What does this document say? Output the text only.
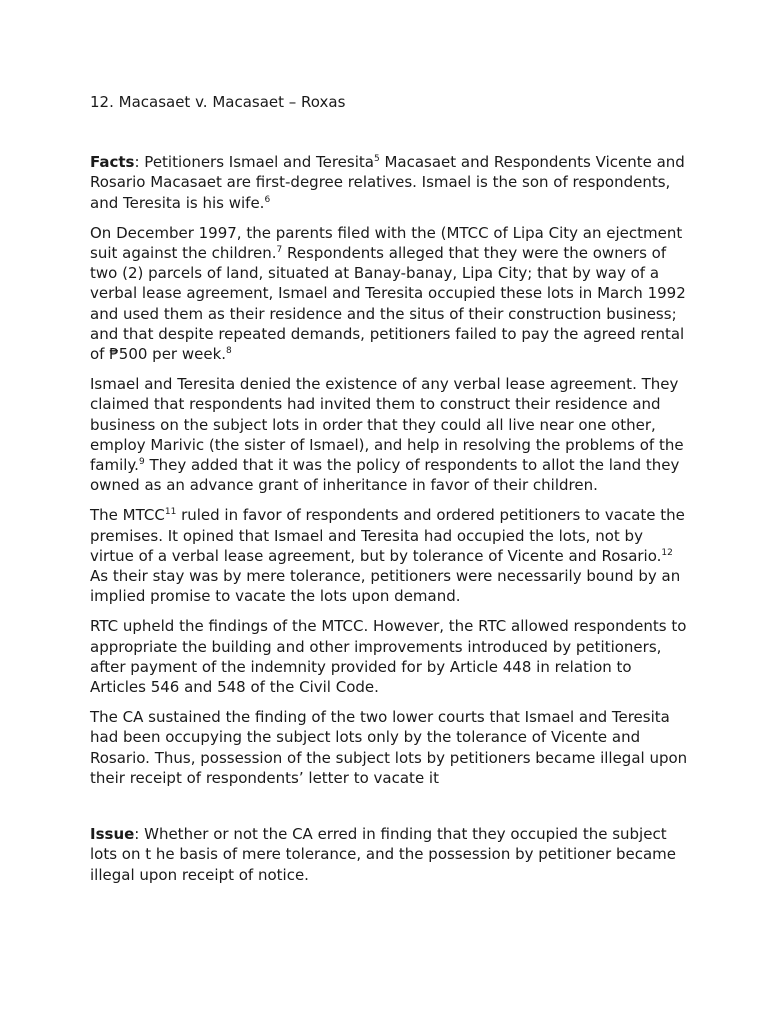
12. Macasaet v. Macasaet – Roxas

Facts: Petitioners Ismael and Teresita$^5$ Macasaet and Respondents Vicente and Rosario Macasaet are first-degree relatives. Ismael is the son of respondents, and Teresita is his wife.$^6$

On December 1997, the parents filed with the (MTCC of Lipa City an ejectment suit against the children.$^7$ Respondents alleged that they were the owners of two (2) parcels of land, situated at Banay-banay, Lipa City; that by way of a verbal lease agreement, Ismael and Teresita occupied these lots in March 1992 and used them as their residence and the situs of their construction business; and that despite repeated demands, petitioners failed to pay the agreed rental of ₱500 per week.$^8$

Ismael and Teresita denied the existence of any verbal lease agreement. They claimed that respondents had invited them to construct their residence and business on the subject lots in order that they could all live near one other, employ Marivic (the sister of Ismael), and help in resolving the problems of the family.$^9$ They added that it was the policy of respondents to allot the land they owned as an advance grant of inheritance in favor of their children.

The MTCC$^{11}$ ruled in favor of respondents and ordered petitioners to vacate the premises. It opined that Ismael and Teresita had occupied the lots, not by virtue of a verbal lease agreement, but by tolerance of Vicente and Rosario.$^{12}$ As their stay was by mere tolerance, petitioners were necessarily bound by an implied promise to vacate the lots upon demand.

RTC upheld the findings of the MTCC. However, the RTC allowed respondents to appropriate the building and other improvements introduced by petitioners, after payment of the indemnity provided for by Article 448 in relation to Articles 546 and 548 of the Civil Code.

The CA sustained the finding of the two lower courts that Ismael and Teresita had been occupying the subject lots only by the tolerance of Vicente and Rosario. Thus, possession of the subject lots by petitioners became illegal upon their receipt of respondents’ letter to vacate it

Issue: Whether or not the CA erred in finding that they occupied the subject lots on t he basis of mere tolerance, and the possession by petitioner became illegal upon receipt of notice.
